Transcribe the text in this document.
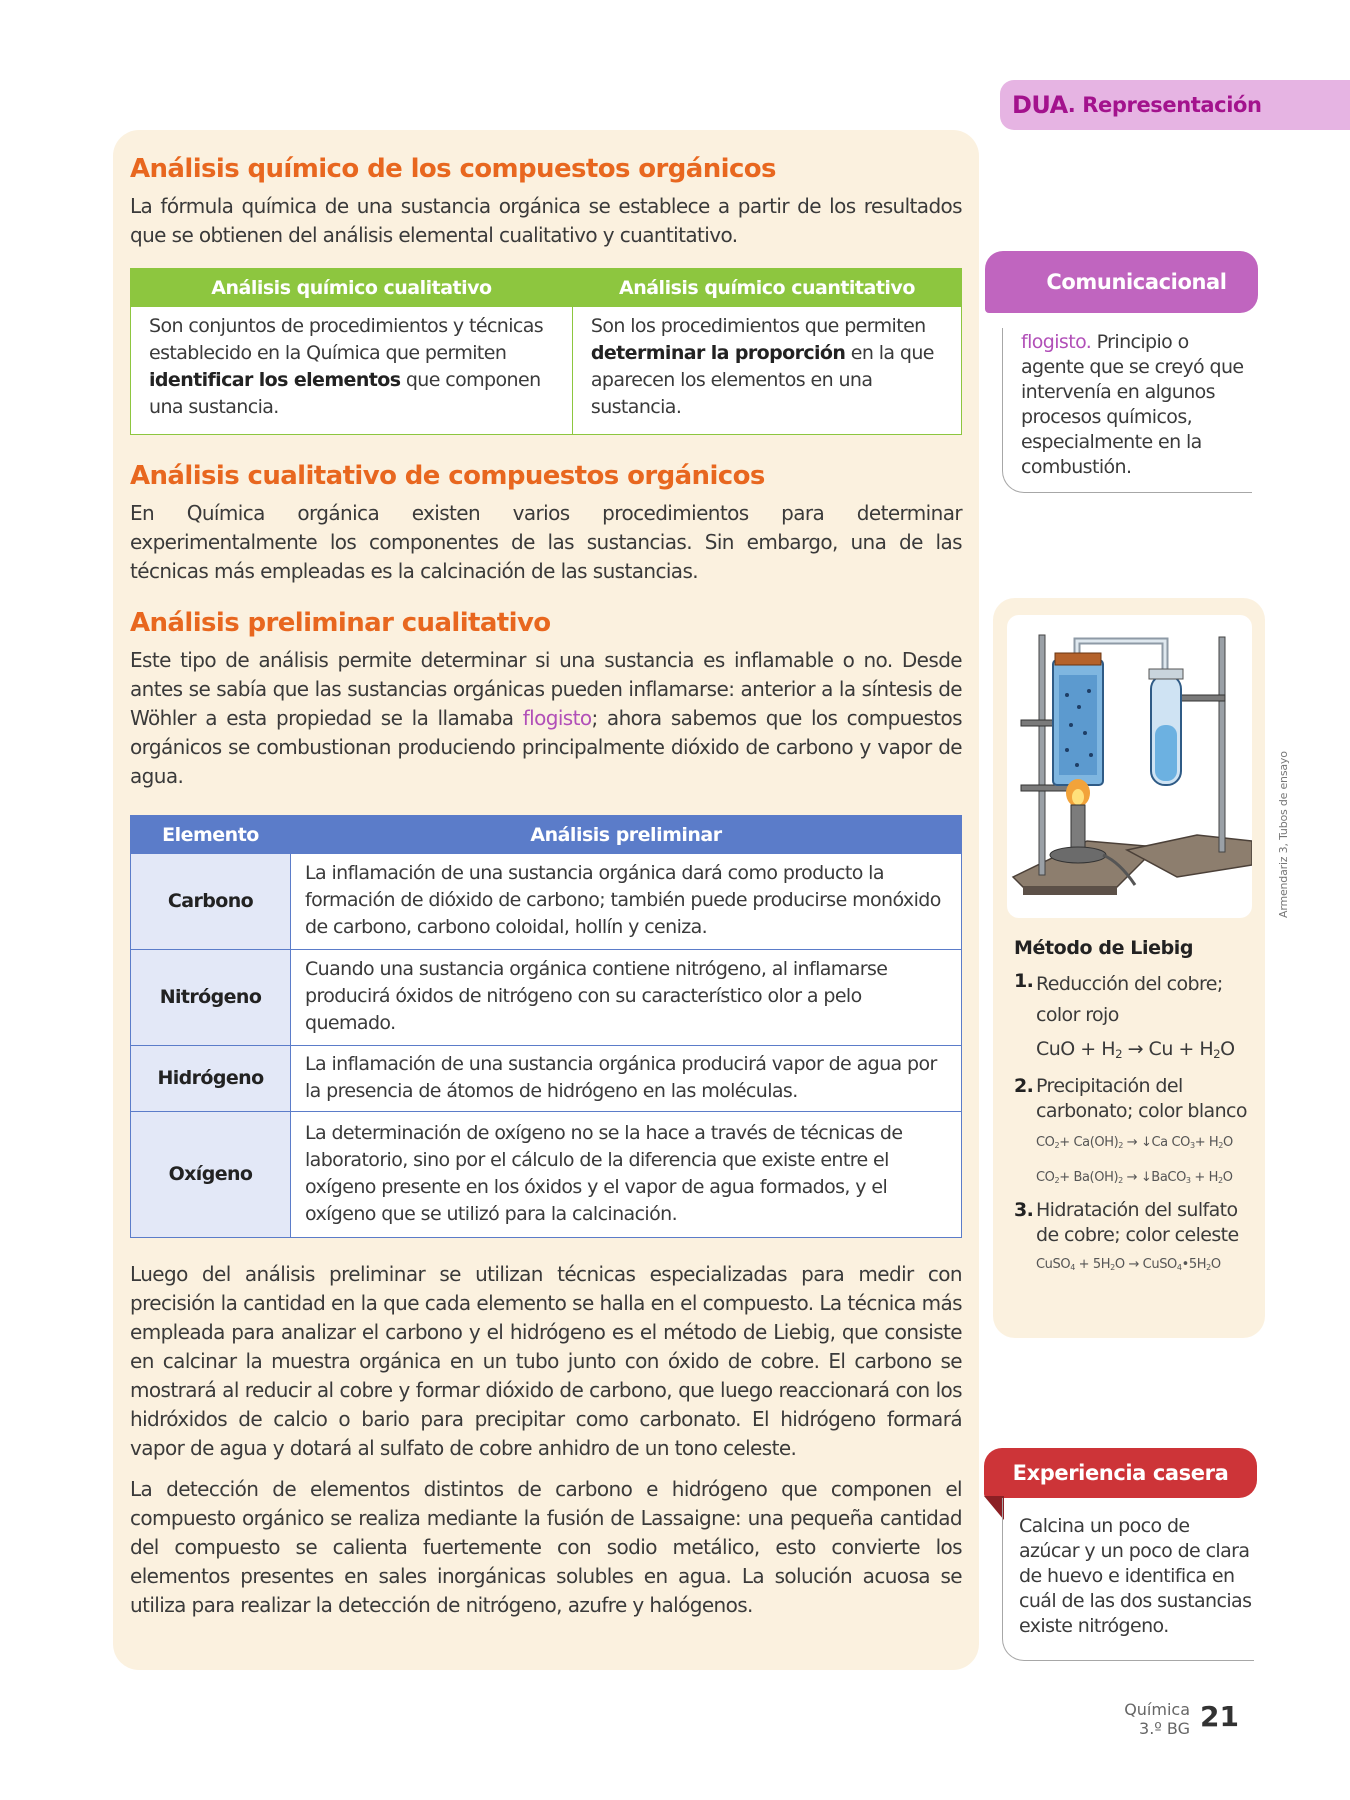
DUA . Representación
Análisis químico de los compuestos orgánicos

La fórmula química de una sustancia orgánica se establece a partir de los resultados que se obtienen del análisis elemental cualitativo y cuantitativo.

Análisis químico cualitativo	Análisis químico cuantitativo
Son conjuntos de procedimientos y técnicas establecido en la Química que permiten identificar los elementos que componen una sustancia.	Son los procedimientos que permiten determinar la proporción en la que aparecen los elementos en una sustancia.
Análisis cualitativo de compuestos orgánicos

En Química orgánica existen varios procedimientos para determinar experimentalmente los componentes de las sustancias. Sin embargo, una de las técnicas más empleadas es la calcinación de las sustancias.

Análisis preliminar cualitativo

Este tipo de análisis permite determinar si una sustancia es inflamable o no. Desde antes se sabía que las sustancias orgánicas pueden inflamarse: anterior a la síntesis de Wöhler a esta propiedad se la llamaba flogisto; ahora sabemos que los compuestos orgánicos se combustionan produciendo principalmente dióxido de carbono y vapor de agua.

Elemento	Análisis preliminar
Carbono	La inflamación de una sustancia orgánica dará como producto la formación de dióxido de carbono; también puede producirse monóxido de carbono, carbono coloidal, hollín y ceniza.
Nitrógeno	Cuando una sustancia orgánica contiene nitrógeno, al inflamarse producirá óxidos de nitrógeno con su característico olor a pelo quemado.
Hidrógeno	La inflamación de una sustancia orgánica producirá vapor de agua por la presencia de átomos de hidrógeno en las moléculas.
Oxígeno	La determinación de oxígeno no se la hace a través de técnicas de laboratorio, sino por el cálculo de la diferencia que existe entre el oxígeno presente en los óxidos y el vapor de agua formados, y el oxígeno que se utilizó para la calcinación.

Luego del análisis preliminar se utilizan técnicas especializadas para medir con precisión la cantidad en la que cada elemento se halla en el compuesto. La técnica más empleada para analizar el carbono y el hidrógeno es el método de Liebig, que consiste en calcinar la muestra orgánica en un tubo junto con óxido de cobre. El carbono se mostrará al reducir al cobre y formar dióxido de carbono, que luego reaccionará con los hidróxidos de calcio o bario para precipitar como carbonato. El hidrógeno formará vapor de agua y dotará al sulfato de cobre anhidro de un tono celeste.

La detección de elementos distintos de carbono e hidrógeno que componen el compuesto orgánico se realiza mediante la fusión de Lassaigne: una pequeña cantidad del compuesto se calienta fuertemente con sodio metálico, esto convierte los elementos presentes en sales inorgánicas solubles en agua. La solución acuosa se utiliza para realizar la detección de nitrógeno, azufre y halógenos.

Comunicacional
flogisto. Principio o agente que se creyó que intervenía en algunos procesos químicos, especialmente en la combustión.
Armendariz 3, Tubos de ensayo
Método de Liebig
1. Reducción del cobre; color rojo
CuO + $H_2 \to Cu + H_2O$
2. Precipitación del carbonato; color blanco
$CO_2+ Ca(OH)_2$ → ↓Ca $CO_3+ H_2O$
$CO_2+ Ba(OH)_2$ → ↓BaCO$_3$ + $H_2O$
3. Hidratación del sulfato de cobre; color celeste
CuSO$_4$ + $5H_2O$ → $CuSO_4•5H_2O$
Experiencia casera
Calcina un poco de azúcar y un poco de clara de huevo e identifica en cuál de las dos sustancias existe nitrógeno.
Química
3.º BG 21
